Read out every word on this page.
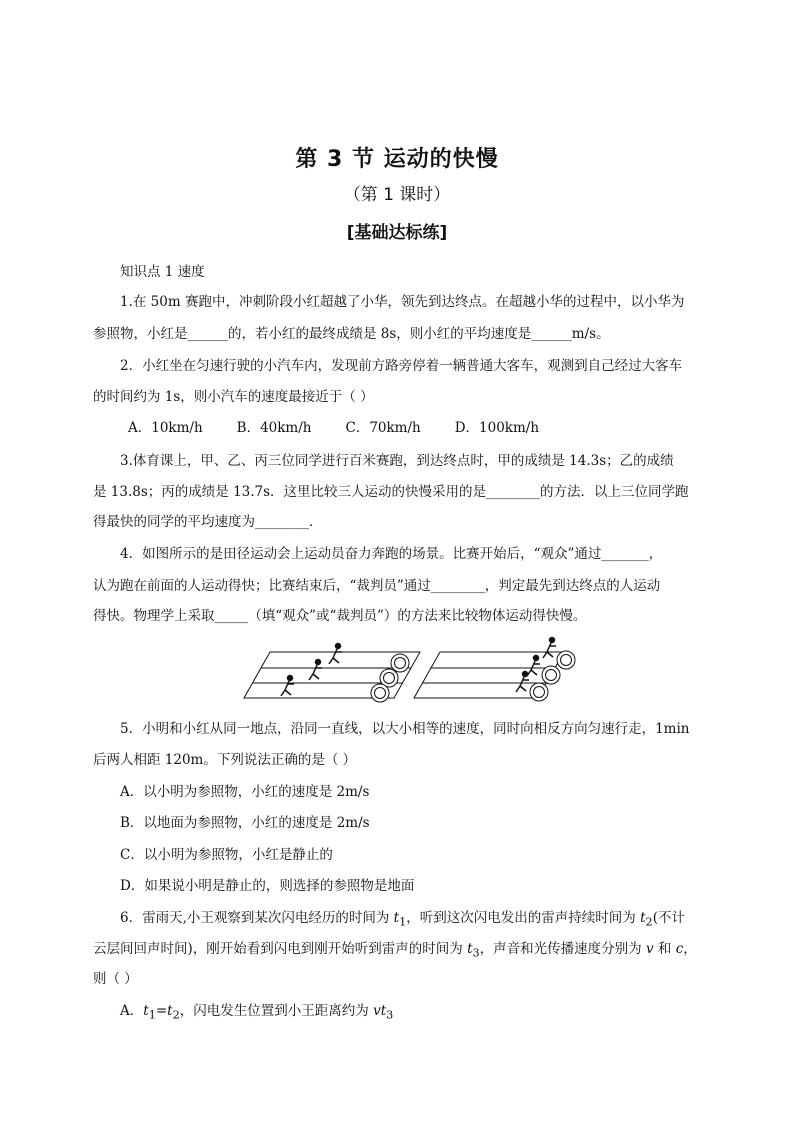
第 3 节 运动的快慢
（第 1 课时）
[基础达标练]
知识点 1 速度
1.在 50m 赛跑中，冲刺阶段小红超越了小华，领先到达终点。在超越小华的过程中，以小华为
参照物，小红是______的，若小红的最终成绩是 8s，则小红的平均速度是______m/s。
2．小红坐在匀速行驶的小汽车内，发现前方路旁停着一辆普通大客车，观测到自己经过大客车
的时间约为 1s，则小汽车的速度最接近于（ ）
A．10km/h	B．40km/h	C．70km/h	D．100km/h
3.体育课上，甲、乙、丙三位同学进行百米赛跑，到达终点时，甲的成绩是 14.3s；乙的成绩
是 13.8s；丙的成绩是 13.7s．这里比较三人运动的快慢采用的是________的方法．以上三位同学跑
得最快的同学的平均速度为________．
4．如图所示的是田径运动会上运动员奋力奔跑的场景。比赛开始后，“观众”通过_______，
认为跑在前面的人运动得快；比赛结束后，“裁判员”通过________，判定最先到达终点的人运动
得快。物理学上采取_____（填“观众”或“裁判员”）的方法来比较物体运动得快慢。
5．小明和小红从同一地点，沿同一直线，以大小相等的速度，同时向相反方向匀速行走，1min
后两人相距 120m。下列说法正确的是（ ）
A．以小明为参照物，小红的速度是 2m/s
B．以地面为参照物，小红的速度是 2m/s
C．以小明为参照物，小红是静止的
D．如果说小明是静止的，则选择的参照物是地面
6．雷雨天,小王观察到某次闪电经历的时间为 $t_1$，听到这次闪电发出的雷声持续时间为 $t_2$(不计
云层间回声时间)，刚开始看到闪电到刚开始听到雷声的时间为 $t_3$，声音和光传播速度分别为 v 和 c，
则（ ）
A．$t_1=t_2$，闪电发生位置到小王距离约为 $vt_3$
